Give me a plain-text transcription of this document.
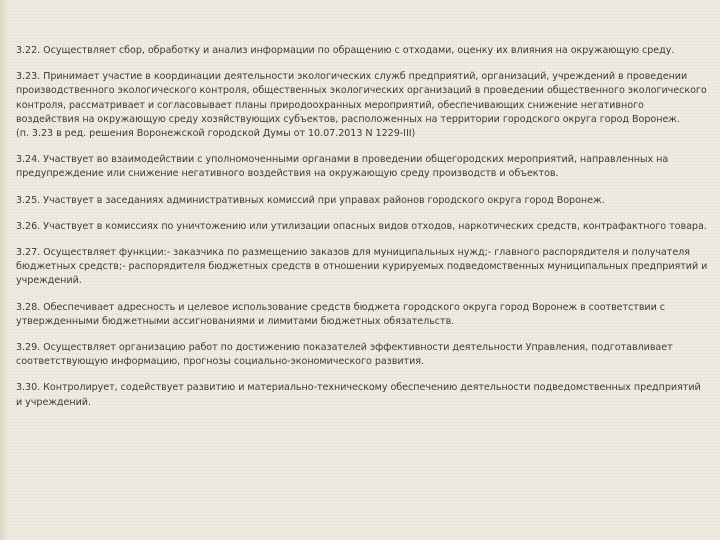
3.22. Осуществляет сбор, обработку и анализ информации по обращению с отходами, оценку их влияния на окружающую среду.

3.23. Принимает участие в координации деятельности экологических служб предприятий, организаций, учреждений в проведении производственного экологического контроля, общественных экологических организаций в проведении общественного экологического контроля, рассматривает и согласовывает планы природоохранных мероприятий, обеспечивающих снижение негативного воздействия на окружающую среду хозяйствующих субъектов, расположенных на территории городского округа город Воронеж.
(п. 3.23 в ред. решения Воронежской городской Думы от 10.07.2013 N 1229-III)

3.24. Участвует во взаимодействии с уполномоченными органами в проведении общегородских мероприятий, направленных на предупреждение или снижение негативного воздействия на окружающую среду производств и объектов.

3.25. Участвует в заседаниях административных комиссий при управах районов городского округа город Воронеж.

3.26. Участвует в комиссиях по уничтожению или утилизации опасных видов отходов, наркотических средств, контрафактного товара.

3.27. Осуществляет функции:- заказчика по размещению заказов для муниципальных нужд;- главного распорядителя и получателя бюджетных средств;- распорядителя бюджетных средств в отношении курируемых подведомственных муниципальных предприятий и учреждений.

3.28. Обеспечивает адресность и целевое использование средств бюджета городского округа город Воронеж в соответствии с утвержденными бюджетными ассигнованиями и лимитами бюджетных обязательств.

3.29. Осуществляет организацию работ по достижению показателей эффективности деятельности Управления, подготавливает соответствующую информацию, прогнозы социально-экономического развития.

3.30. Контролирует, содействует развитию и материально-техническому обеспечению деятельности подведомственных предприятий и учреждений.
